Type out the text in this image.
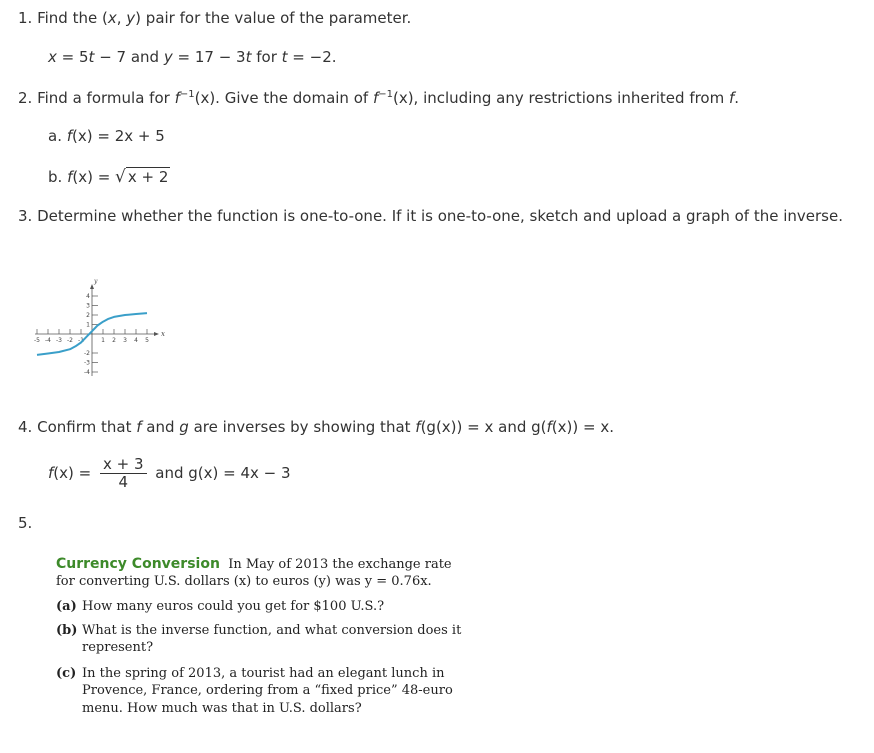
1. Find the (x, y) pair for the value of the parameter.
x = 5t − 7 and y = 17 − 3t for t = −2.
2. Find a formula for $f^{-1}(x)$. Give the domain of $f^{-1}(x)$, including any restrictions inherited from f.
a. f(x) = 2x + 5
b. f(x) = √ x + 2
3. Determine whether the function is one-to-one. If it is one-to-one, sketch and upload a graph of the inverse.
x
y
-5 -4 -3 -2 -1	1 2 3 4 5
4
3
2
1
-2
-3
-4
4. Confirm that f and g are inverses by showing that f(g(x)) = x and g(f(x)) = x.
$f(x) = \frac{x + 3}{4}$ and g(x) = 4x − 3
5.
Currency Conversion In May of 2013 the exchange rate
for converting U.S. dollars (x) to euros (y) was y = 0.76x.
(a) How many euros could you get for $100 U.S.?
(b) What is the inverse function, and what conversion does it
represent?
(c) In the spring of 2013, a tourist had an elegant lunch in
Provence, France, ordering from a “fixed price” 48-euro
menu. How much was that in U.S. dollars?
